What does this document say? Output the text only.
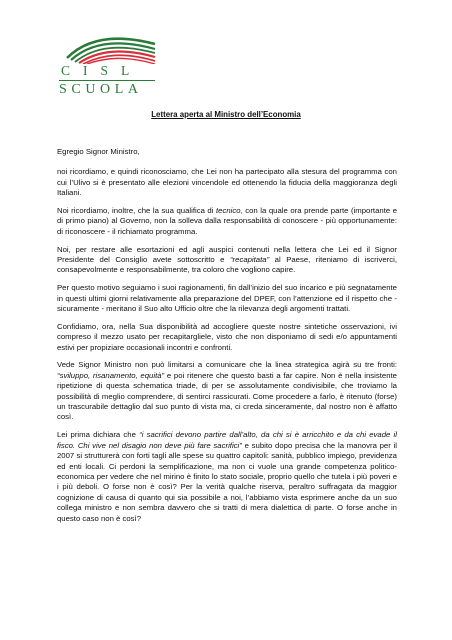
CISL
SCUOLA
Lettera aperta al Ministro dell’Economia

Egregio Signor Ministro,

noi ricordiamo, e quindi riconosciamo, che Lei non ha partecipato alla stesura del programma con cui l’Ulivo si è presentato alle elezioni vincendole ed ottenendo la fiducia della maggioranza degli Italiani.

Noi ricordiamo, inoltre, che la sua qualifica di tecnico, con la quale ora prende parte (importante e di primo piano) al Governo, non la solleva dalla responsabilità di conoscere - più opportunamente: di riconoscere - il richiamato programma.

Noi, per restare alle esortazioni ed agli auspici contenuti nella lettera che Lei ed il Signor Presidente del Consiglio avete sottoscritto e “recapitata” al Paese, riteniamo di iscriverci, consapevolmente e responsabilmente, tra coloro che vogliono capire.

Per questo motivo seguiamo i suoi ragionamenti, fin dall’inizio del suo incarico e più segnatamente in questi ultimi giorni relativamente alla preparazione del DPEF, con l’attenzione ed il rispetto che - sicuramente - meritano il Suo alto Ufficio oltre che la rilevanza degli argomenti trattati.

Confidiamo, ora, nella Sua disponibilità ad accogliere queste nostre sintetiche osservazioni, ivi compreso il mezzo usato per recapitargliele, visto che non disponiamo di sedi e/o appuntamenti estivi per propiziare occasionali incontri e confronti.

Vede Signor Ministro non può limitarsi a comunicare che la linea strategica agirà su tre fronti: “sviluppo, risanamento, equità” e poi ritenere che questo basti a far capire. Non è nella insistente ripetizione di questa schematica triade, di per se assolutamente condivisibile, che troviamo la possibilità di meglio comprendere, di sentirci rassicurati. Come procedere a farlo, è ritenuto (forse) un trascurabile dettaglio dal suo punto di vista ma, ci creda sinceramente, dal nostro non è affatto così.

Lei prima dichiara che “i sacrifici devono partire dall’alto, da chi si è arricchito e da chi evade il fisco. Chi vive nel disagio non deve più fare sacrifici” e subito dopo precisa che la manovra per il 2007 si strutturerà con forti tagli alle spese su quattro capitoli: sanità, pubblico impiego, previdenza ed enti locali. Ci perdoni la semplificazione, ma non ci vuole una grande competenza politico-economica per vedere che nel mirino è finito lo stato sociale, proprio quello che tutela i più poveri e i più deboli. O forse non è così? Per la verità qualche riserva, peraltro suffragata da maggior cognizione di causa di quanto qui sia possibile a noi, l’abbiamo vista esprimere anche da un suo collega ministro e non sembra davvero che si tratti di mera dialettica di parte. O forse anche in questo caso non è così?
